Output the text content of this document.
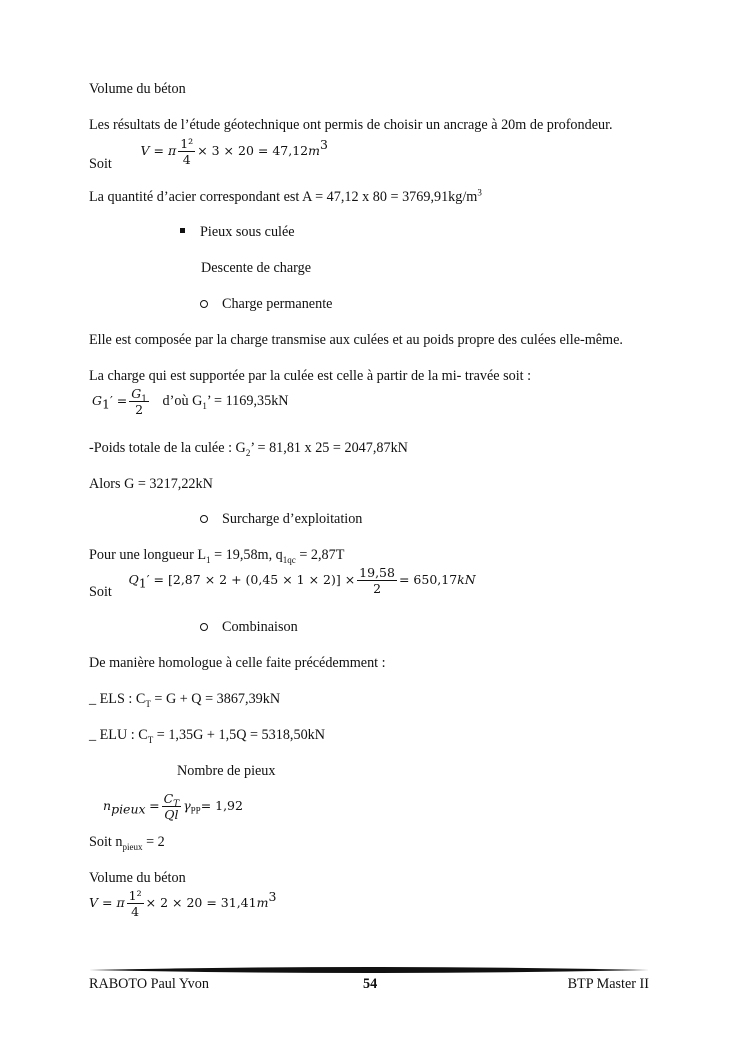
Volume du béton
Les résultats de l’étude géotechnique ont permis de choisir un ancrage à 20m de profondeur.
Soit V = π $\frac{\text{1²}}{4} \times 3 \times 20 = 47,12m^3$
La quantité d’acier correspondant est A = 47,12 x $80 = 3769,91kg/m^3$
Pieux sous culée
Descente de charge
Charge permanente
Elle est composée par la charge transmise aux culées et au poids propre des culées elle-même.
La charge qui est supportée par la culée est celle à partir de la mi- travée soit :
$G_1' = \frac{G_1}{2}$ d’où $G_1$’ = 1169,35kN
-Poids totale de la culée : $G_2$’ = 81,81 x 25 = 2047,87kN
Alors G = 3217,22kN
Surcharge d’exploitation
Pour une longueur $L_1 = 19,58m$, $q_{1qc} = 2,87T$
Soit $Q_1' = [2,87 \times 2 + (0,45 \times 1 \times 2)] \times \frac{19,58}{2} = 650,17kN$
Combinaison
De manière homologue à celle faite précédemment :
_ ELS : $C_T = G + Q = 3867,39kN$
_ ELU : $C_T = 1,35G + 1,5Q = 5318,50kN$
Nombre de pieux
$n_{pieux} = \frac{C_T}{Ql} \gamma_{PP}= 1,92$
Soit $n_{pieux} = 2$
Volume du béton
V = π $\frac{\text{1²}}{4} \times 2 \times 20 = 31,41m^3$
RABOTO Paul Yvon	54	BTP Master II
